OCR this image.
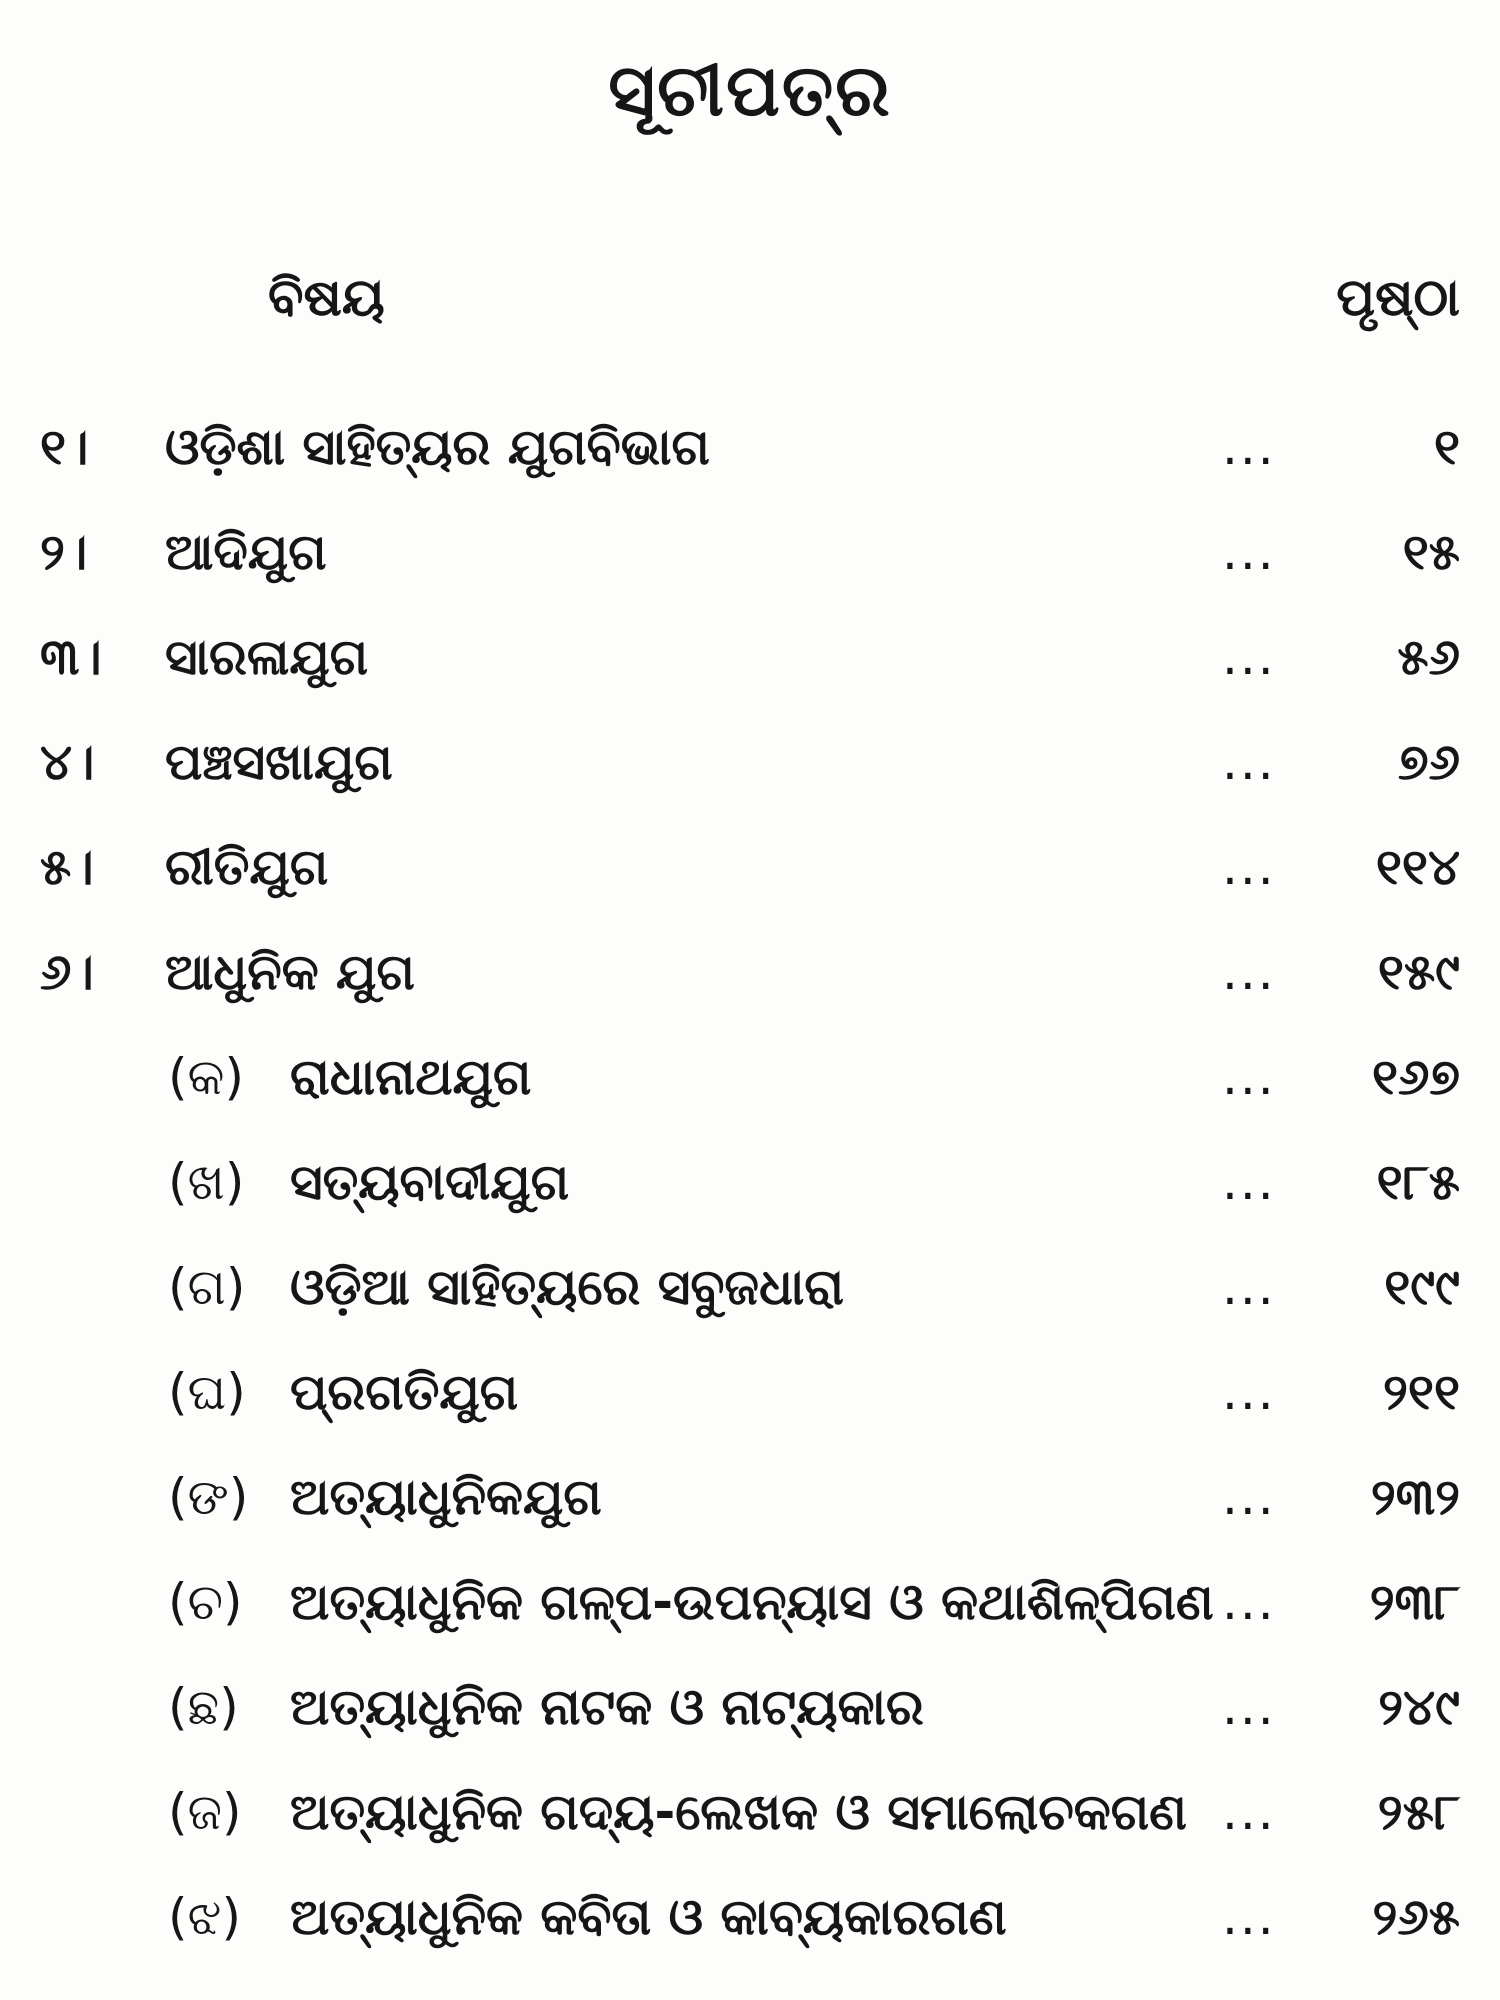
ସୂଚୀପତ୍ର
ବିଷୟ	ପୃଷ୍ଠା
୧।	ଓଡ଼ିଶା ସାହିତ୍ୟର ଯୁଗବିଭାଗ	...	୧
୨।	ଆଦିଯୁଗ	...	୧୫
୩।	ସାରଳାଯୁଗ	...	୫୬
୪।	ପଞ୍ଚସଖାଯୁଗ	...	୭୬
୫।	ରୀତିଯୁଗ	...	୧୧୪
୬।	ଆଧୁନିକ ଯୁଗ	...	୧୫୯
(କ) ରାଧାନାଥଯୁଗ	...	୧୬୭
(ଖ) ସତ୍ୟବାଦୀଯୁଗ	...	୧୮୫
(ଗ) ଓଡ଼ିଆ ସାହିତ୍ୟରେ ସବୁଜଧାରା	...	୧୯୯
(ଘ) ପ୍ରଗତିଯୁଗ	...	୨୧୧
(ଙ) ଅତ୍ୟାଧୁନିକଯୁଗ	...	୨୩୨
(ଚ) ଅତ୍ୟାଧୁନିକ ଗଳ୍ପ-ଉପନ୍ୟାସ ଓ କଥାଶିଳ୍ପିଗଣ ...	୨୩୮
(ଛ)	ଅତ୍ୟାଧୁନିକ ନାଟକ ଓ ନାଟ୍ୟକାର	...	୨୪୯
(ଜ) ଅତ୍ୟାଧୁନିକ ଗଦ୍ୟ-ଲେଖକ ଓ ସମାଲୋଚକଗଣ ...	୨୫୮
(ଝ) ଅତ୍ୟାଧୁନିକ କବିତା ଓ କାବ୍ୟକାରଗଣ	...	୨୬୫
